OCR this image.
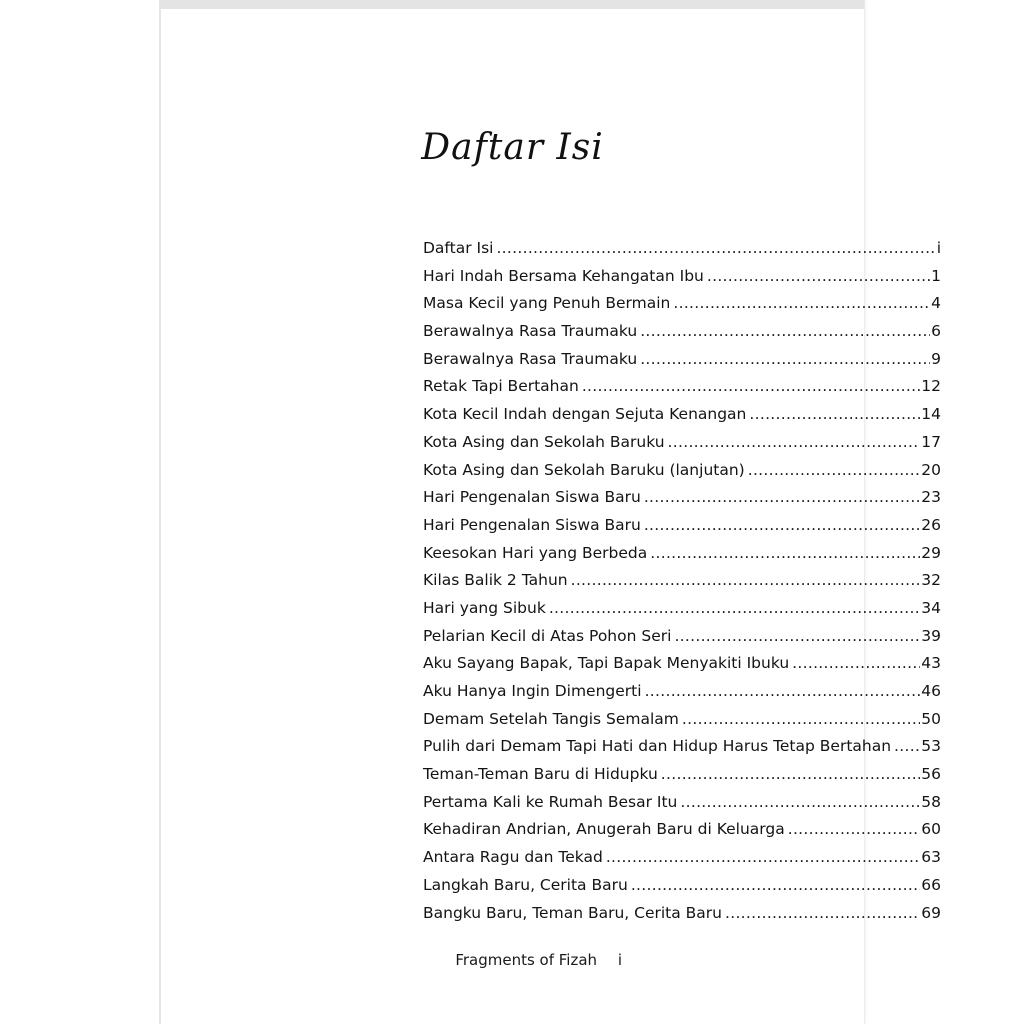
Daftar Isi
Daftar Isi .....	i
Hari Indah Bersama Kehangatan Ibu .....	1
Masa Kecil yang Penuh Bermain .....	4
Berawalnya Rasa Traumaku .....	6
Berawalnya Rasa Traumaku .....	9
Retak Tapi Bertahan .....	12
Kota Kecil Indah dengan Sejuta Kenangan .....	14
Kota Asing dan Sekolah Baruku .....	17
Kota Asing dan Sekolah Baruku (lanjutan) .....	20
Hari Pengenalan Siswa Baru .....	23
Hari Pengenalan Siswa Baru .....	26
Keesokan Hari yang Berbeda .....	29
Kilas Balik 2 Tahun .....	32
Hari yang Sibuk .....	34
Pelarian Kecil di Atas Pohon Seri .....	39
Aku Sayang Bapak, Tapi Bapak Menyakiti Ibuku .....	43
Aku Hanya Ingin Dimengerti .....	46
Demam Setelah Tangis Semalam .....	50
Pulih dari Demam Tapi Hati dan Hidup Harus Tetap Bertahan ..... 53
Teman-Teman Baru di Hidupku .....	56
Pertama Kali ke Rumah Besar Itu .....	58
Kehadiran Andrian, Anugerah Baru di Keluarga .....	60
Antara Ragu dan Tekad .....	63
Langkah Baru, Cerita Baru .....	66
Bangku Baru, Teman Baru, Cerita Baru .....	69
Fragments of Fizah i
